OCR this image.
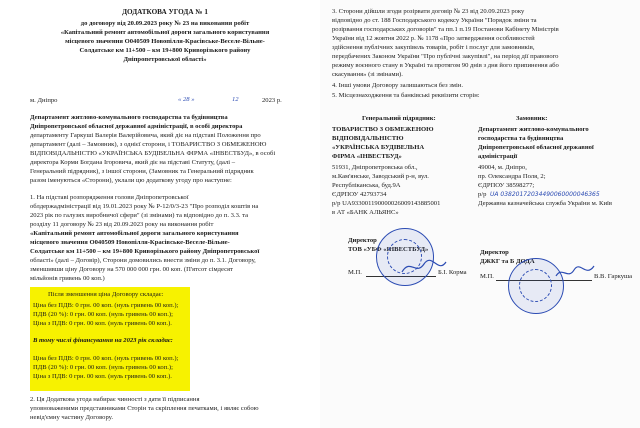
ДОДАТКОВА УГОДА № 1
до договору від 20.09.2023 року № 23 на виконання робіт
«Капітальний ремонт автомобільної дороги загального користування
місцевого значення О040509 Новопілля-Красівське-Веселе-Вільне-
Солдатське км 11+500 – км 19+800 Криворізького району
Дніпропетровської області»
м. Дніпро	« 28 »	12	2023 р.
Департамент житлово-комунального господарства та будівництва
Дніпропетровської обласної державної адміністрації, в особі директора
департаменту Гаркуші Валерія Валерійовича, який діє на підставі Положення про
департамент (далі – Замовник), з однієї сторони, і ТОВАРИСТВО З ОБМЕЖЕНОЮ
ВІДПОВІДАЛЬНІСТЮ «УКРАЇНСЬКА БУДІВЕЛЬНА ФІРМА «ІНВЕСТБУД», в особі
директора Корми Богдана Ігоровича, який діє на підставі Статуту, (далі –
Генеральний підрядник), з іншої сторони, (Замовник та Генеральний підрядник
разом іменуються «Сторони), уклали цю додаткову угоду про наступне:
1. На підставі розпорядження голови Дніпропетровської
облдержадміністрації від 19.01.2023 року № Р-12/0/3-23 "Про розподіл коштів на
2023 рік по галузях виробничої сфери" (зі змінами) та відповідно до п. 3.3. та
розділу 11 договору № 23 від 20.09.2023 року на виконання робіт
«Капітальний ремонт автомобільної дороги загального користування
місцевого значення О040509 Новопілля-Красівське-Веселе-Вільне-
Солдатське км 11+500 – км 19+800 Криворізького району Дніпропетровської
області» (далі – Договір), Сторони домовились внести зміни до п. 3.1. Договору,
зменшивши ціну Договору на 570 000 000 грн. 00 коп. (П'ятсот сімдесят
мільйонів гривень 00 коп.)
Після зменшення ціна Договору складає:
Ціна без ПДВ: 0 грн. 00 коп. (нуль гривень 00 коп.);
ПДВ (20 %): 0 грн. 00 коп. (нуль гривень 00 коп.);
Ціна з ПДВ: 0 грн. 00 коп. (нуль гривень 00 коп.).
В тому числі фінансування на 2023 рік складає:
Ціна без ПДВ: 0 грн. 00 коп. (нуль гривень 00 коп.);
ПДВ (20 %): 0 грн. 00 коп. (нуль гривень 00 коп.);
Ціна з ПДВ: 0 грн. 00 коп. (нуль гривень 00 коп.).
2. Ця Додаткова угода набирає чинності з дати її підписання
уповноваженими представниками Сторін та скріплення печатками, і являє собою
невід'ємну частину Договору.
3. Сторони дійшли згоди розірвати договір № 23 від 20.09.2023 року
відповідно до ст. 188 Господарського кодексу України "Порядок зміни та
розірвання господарських договорів" та пп.1 п.19 Постанови Кабінету Міністрів
України від 12 жовтня 2022 р. № 1178 «Про затвердження особливостей
здійснення публічних закупівель товарів, робіт і послуг для замовників,
передбачених Законом України "Про публічні закупівлі", на період дії правового
режиму воєнного стану в Україні та протягом 90 днів з дня його припинення або
скасування» (зі змінами).
4. Інші умови Договору залишаються без змін.
5. Місцезнаходження та банківські реквізити сторін:
Генеральний підрядник:
ТОВАРИСТВО З ОБМЕЖЕНОЮ
ВІДПОВІДАЛЬНІСТЮ
«УКРАЇНСЬКА БУДІВЕЛЬНА
ФІРМА «ІНВЕСТБУД»
51931, Дніпропетровська обл.,
м.Кам'янське, Заводський р-н, вул.
Республіканська, буд.9А
ЄДРПОУ 42793734
р/р UA933001190000026009143885001
в АТ «БАНК АЛЬЯНС»
Замовник:
Департамент житлово-комунального
господарства та будівництва
Дніпропетровської обласної державної
адміністрації
49004, м. Дніпро,
пр. Олександра Поля, 2;
ЄДРПОУ 38598277;
р/р UA 03820172034490060000046365
Державна казначейська служба України м. Київ
Директор
ТОВ «УБФ «ІНВЕСТБУД»
М.П.	Б.І. Корма
Директор
ДЖКГ та Б ДОДА
М.П.	В.В. Гаркуша
